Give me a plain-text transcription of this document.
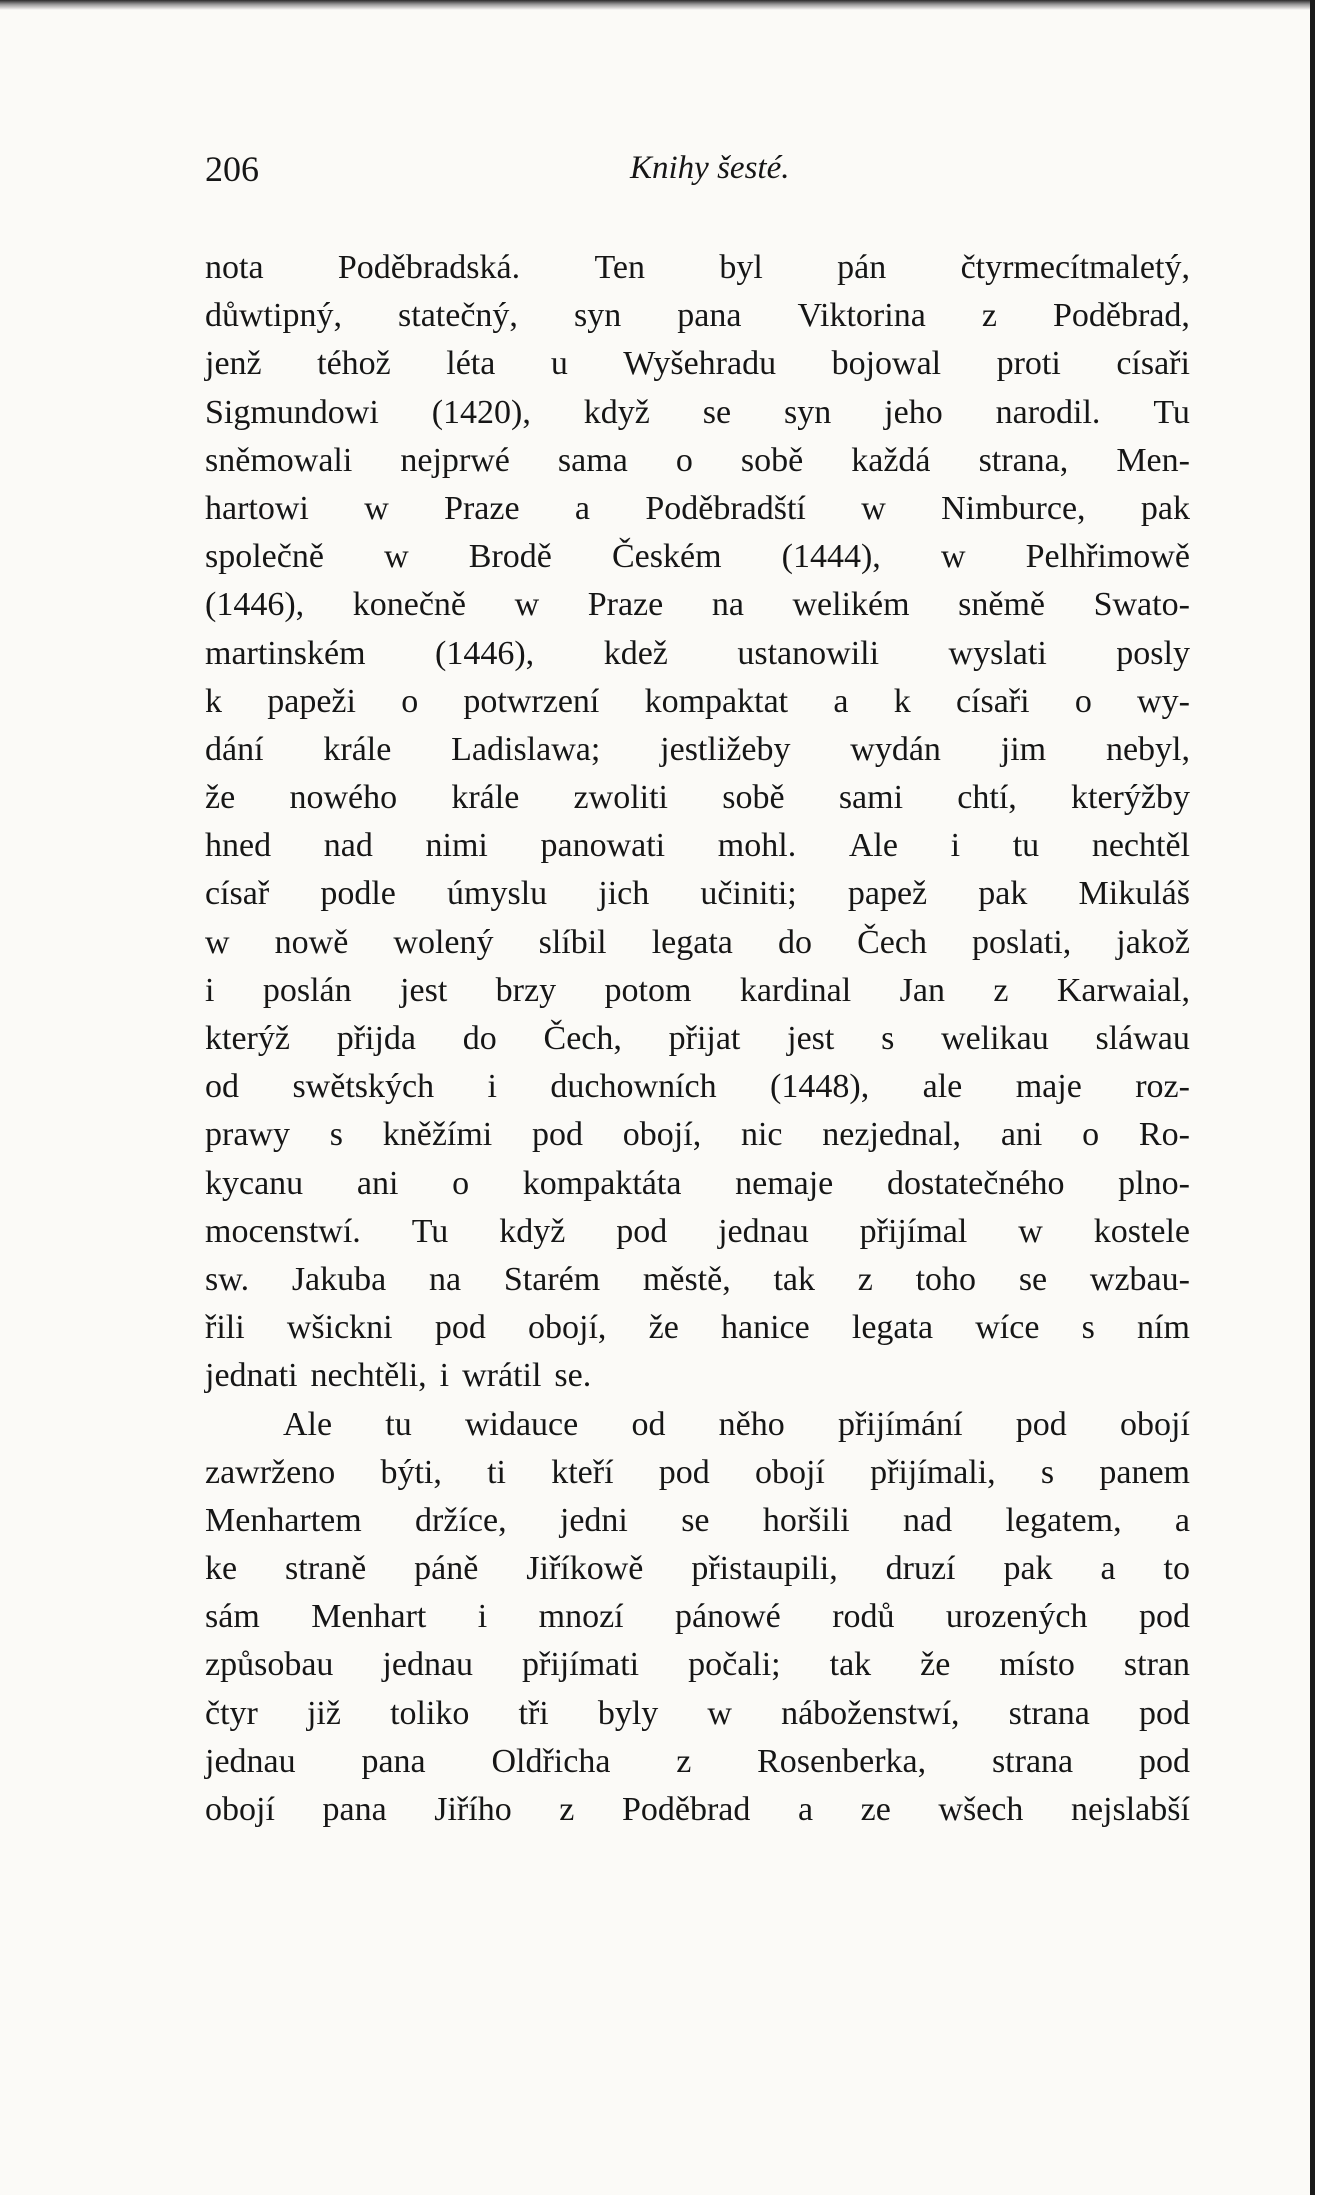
206	Knihy šesté.
nota Poděbradská. Ten byl pán čtyrmecítmaletý,
důwtipný, statečný, syn pana Viktorina z Poděbrad,
jenž téhož léta u Wyšehradu bojowal proti císaři
Sigmundowi (1420), když se syn jeho narodil. Tu
sněmowali nejprwé sama o sobě každá strana, Men-
hartowi w Praze a Poděbradští w Nimburce, pak
společně w Brodě Českém (1444), w Pelhřimowě
(1446), konečně w Praze na welikém sněmě Swato-
martinském (1446), kdež ustanowili wyslati posly
k papeži o potwrzení kompaktat a k císaři o wy-
dání krále Ladislawa; jestližeby wydán jim nebyl,
že nowého krále zwoliti sobě sami chtí, kterýžby
hned nad nimi panowati mohl. Ale i tu nechtěl
císař podle úmyslu jich učiniti; papež pak Mikuláš
w nowě wolený slíbil legata do Čech poslati, jakož
i poslán jest brzy potom kardinal Jan z Karwaial,
kterýž přijda do Čech, přijat jest s welikau sláwau
od swětských i duchowních (1448), ale maje roz-
prawy s kněžími pod obojí, nic nezjednal, ani o Ro-
kycanu ani o kompaktáta nemaje dostatečného plno-
mocenstwí. Tu když pod jednau přijímal w kostele
sw. Jakuba na Starém městě, tak z toho se wzbau-
řili wšickni pod obojí, že hanice legata wíce s ním
jednati nechtěli, i wrátil se.
Ale tu widauce od něho přijímání pod obojí
zawrženo býti, ti kteří pod obojí přijímali, s panem
Menhartem držíce, jedni se horšili nad legatem, a
ke straně páně Jiříkowě přistaupili, druzí pak a to
sám Menhart i mnozí pánowé rodů urozených pod
způsobau jednau přijímati počali; tak že místo stran
čtyr již toliko tři byly w náboženstwí, strana pod
jednau pana Oldřicha z Rosenberka, strana pod
obojí pana Jiřího z Poděbrad a ze wšech nejslabší
